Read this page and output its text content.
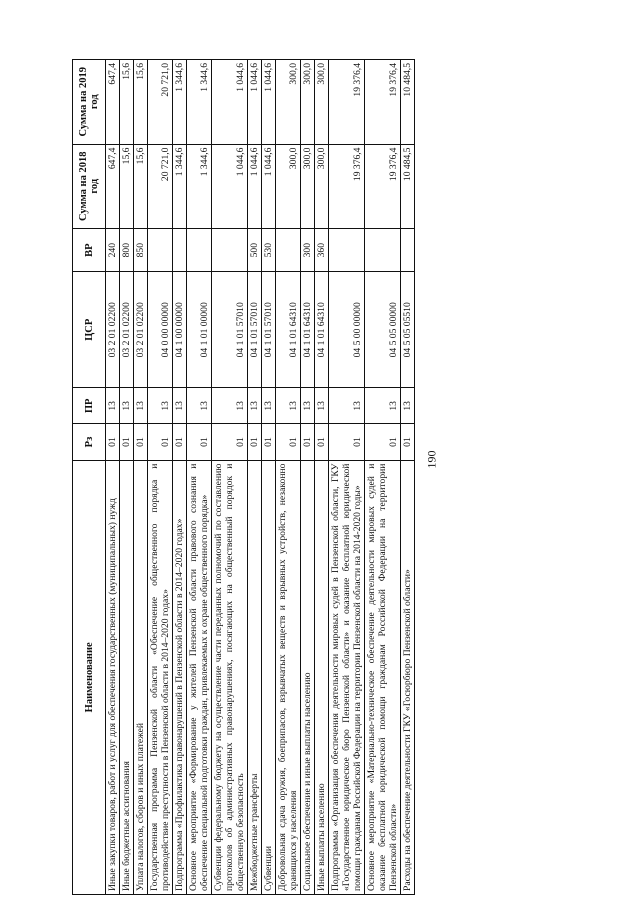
190
Наименование	Рз	ПР	ЦСР	ВР	Сумма на 2018 год	Сумма на 2019 год
Иные закупки товаров, работ и услуг для обеспечения государственных (муниципальных) нужд	01	13	03 2 01 02200	240	647,4	647,4
Иные бюджетные ассигнования	01	13	03 2 01 02200	800	15,6	15,6
Уплата налогов, сборов и иных платежей	01	13	03 2 01 02200	850	15,6	15,6
Государственная программа Пензенской области «Обеспечение общественного порядка и противодействие преступности в Пензенской области в 2014–2020 годах»	01	13	04 0 00 00000		20 721,0	20 721,0
Подпрограмма «Профилактика правонарушений в Пензенской области в 2014–2020 годах»	01	13	04 1 00 00000		1 344,6	1 344,6
Основное мероприятие «Формирование у жителей Пензенской области правового сознания и обеспечение специальной подготовки граждан, привлекаемых к охране общественного порядка»	01	13	04 1 01 00000		1 344,6	1 344,6
Субвенции федеральному бюджету на осуществление части переданных полномочий по составлению протоколов об административных правонарушениях, посягающих на общественный порядок и общественную безопасность	01	13	04 1 01 57010		1 044,6	1 044,6
Межбюджетные трансферты	01	13	04 1 01 57010	500	1 044,6	1 044,6
Субвенции	01	13	04 1 01 57010	530	1 044,6	1 044,6
Добровольная сдача оружия, боеприпасов, взрывчатых веществ и взрывных устройств, незаконно хранящихся у населения	01	13	04 1 01 64310		300,0	300,0
Социальное обеспечение и иные выплаты населению	01	13	04 1 01 64310	300	300,0	300,0
Иные выплаты населению	01	13	04 1 01 64310	360	300,0	300,0
Подпрограмма «Организация обеспечения деятельности мировых судей в Пензенской области, ГКУ «Государственное юридическое бюро Пензенской области» и оказание бесплатной юридической помощи гражданам Российской Федерации на территории Пензенской области на 2014-2020 годы»	01	13	04 5 00 00000		19 376,4	19 376,4
Основное мероприятие «Материально-техническое обеспечение деятельности мировых судей и оказание бесплатной юридической помощи гражданам Российской Федерации на территории Пензенской области»	01	13	04 5 05 00000		19 376,4	19 376,4
Расходы на обеспечение деятельности ГКУ «Госюрбюро Пензенской области»	01	13	04 5 05 05510		10 484,5	10 484,5
